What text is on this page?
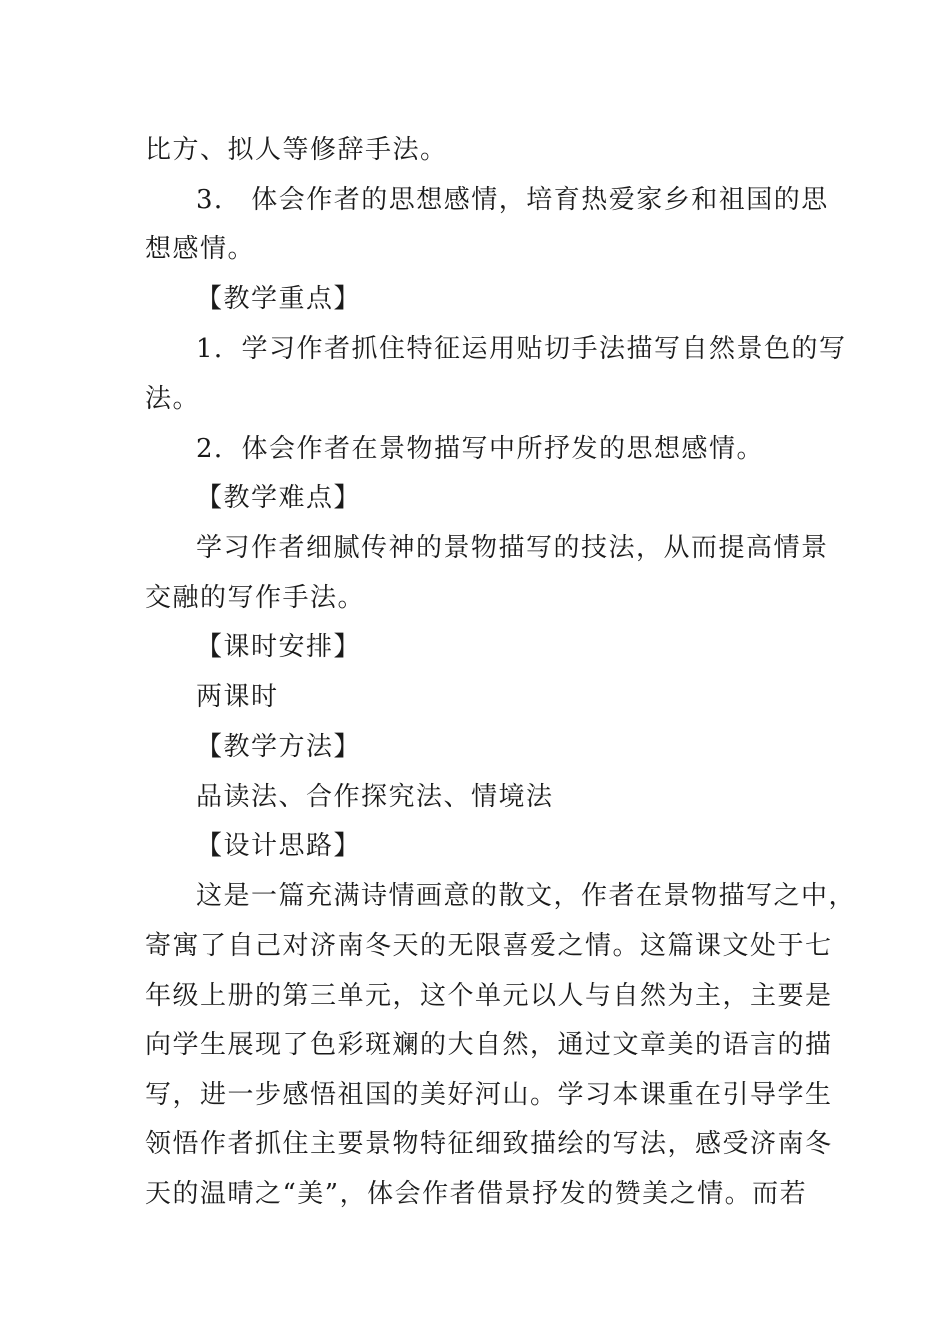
比方、拟人等修辞手法。
3． 体会作者的思想感情，培育热爱家乡和祖国的思
想感情。
【教学重点】
1．学习作者抓住特征运用贴切手法描写自然景色的写
法。
2．体会作者在景物描写中所抒发的思想感情。
【教学难点】
学习作者细腻传神的景物描写的技法，从而提高情景
交融的写作手法。
【课时安排】
两课时
【教学方法】
品读法、合作探究法、情境法
【设计思路】
这是一篇充满诗情画意的散文，作者在景物描写之中，
寄寓了自己对济南冬天的无限喜爱之情。这篇课文处于七
年级上册的第三单元，这个单元以人与自然为主，主要是
向学生展现了色彩斑斓的大自然，通过文章美的语言的描
写，进一步感悟祖国的美好河山。学习本课重在引导学生
领悟作者抓住主要景物特征细致描绘的写法，感受济南冬
天的温晴之“美”，体会作者借景抒发的赞美之情。而若
